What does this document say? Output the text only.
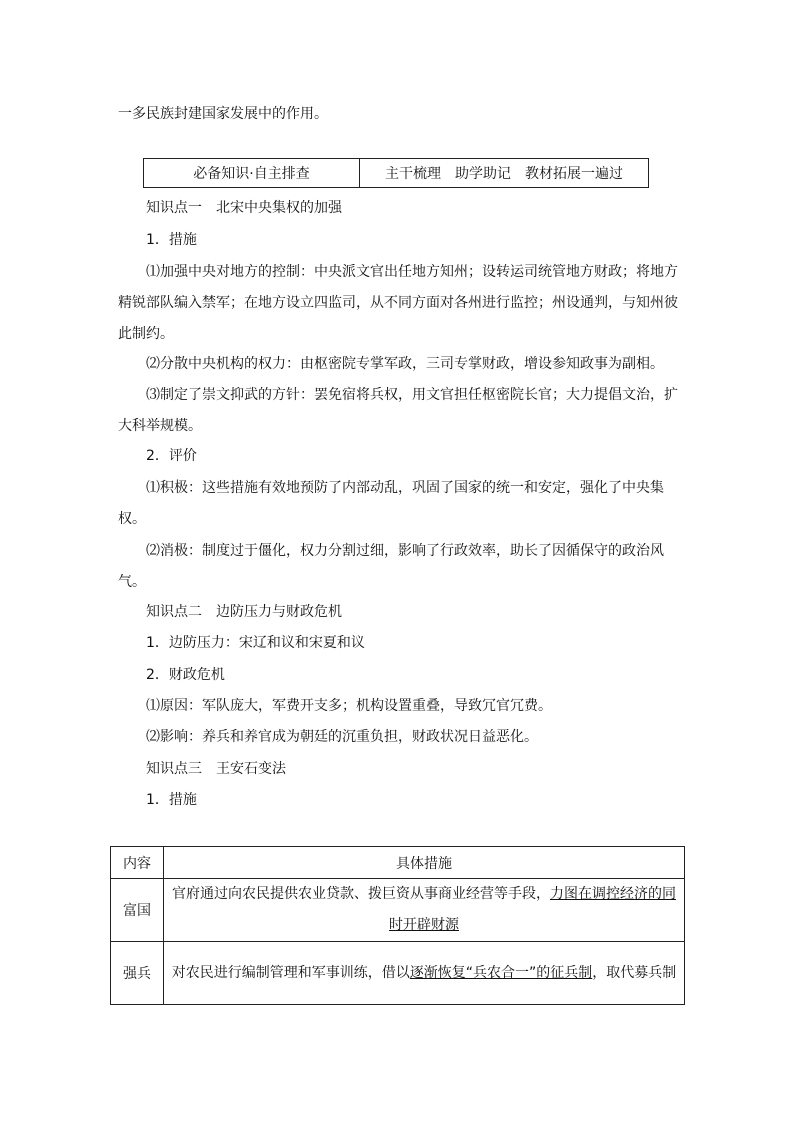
一多民族封建国家发展中的作用。
必备知识·自主排查	主干梳理　助学助记　教材拓展一遍过
知识点一　北宋中央集权的加强
1．措施
⑴加强中央对地方的控制：中央派文官出任地方知州；设转运司统管地方财政；将地方精锐部队编入禁军；在地方设立四监司，从不同方面对各州进行监控；州设通判，与知州彼此制约。
⑵分散中央机构的权力：由枢密院专掌军政，三司专掌财政，增设参知政事为副相。
⑶制定了崇文抑武的方针：罢免宿将兵权，用文官担任枢密院长官；大力提倡文治，扩大科举规模。
2．评价
⑴积极：这些措施有效地预防了内部动乱，巩固了国家的统一和安定，强化了中央集权。
⑵消极：制度过于僵化，权力分割过细，影响了行政效率，助长了因循保守的政治风气。
知识点二　边防压力与财政危机
1．边防压力：宋辽和议和宋夏和议
2．财政危机
⑴原因：军队庞大，军费开支多；机构设置重叠，导致冗官冗费。
⑵影响：养兵和养官成为朝廷的沉重负担，财政状况日益恶化。
知识点三　王安石变法
1．措施
内容	具体措施
富国	官府通过向农民提供农业贷款、拨巨资从事商业经营等手段，力图在调控经济的同时开辟财源
强兵	对农民进行编制管理和军事训练，借以逐渐恢复“兵农合一”的征兵制，取代募兵制
